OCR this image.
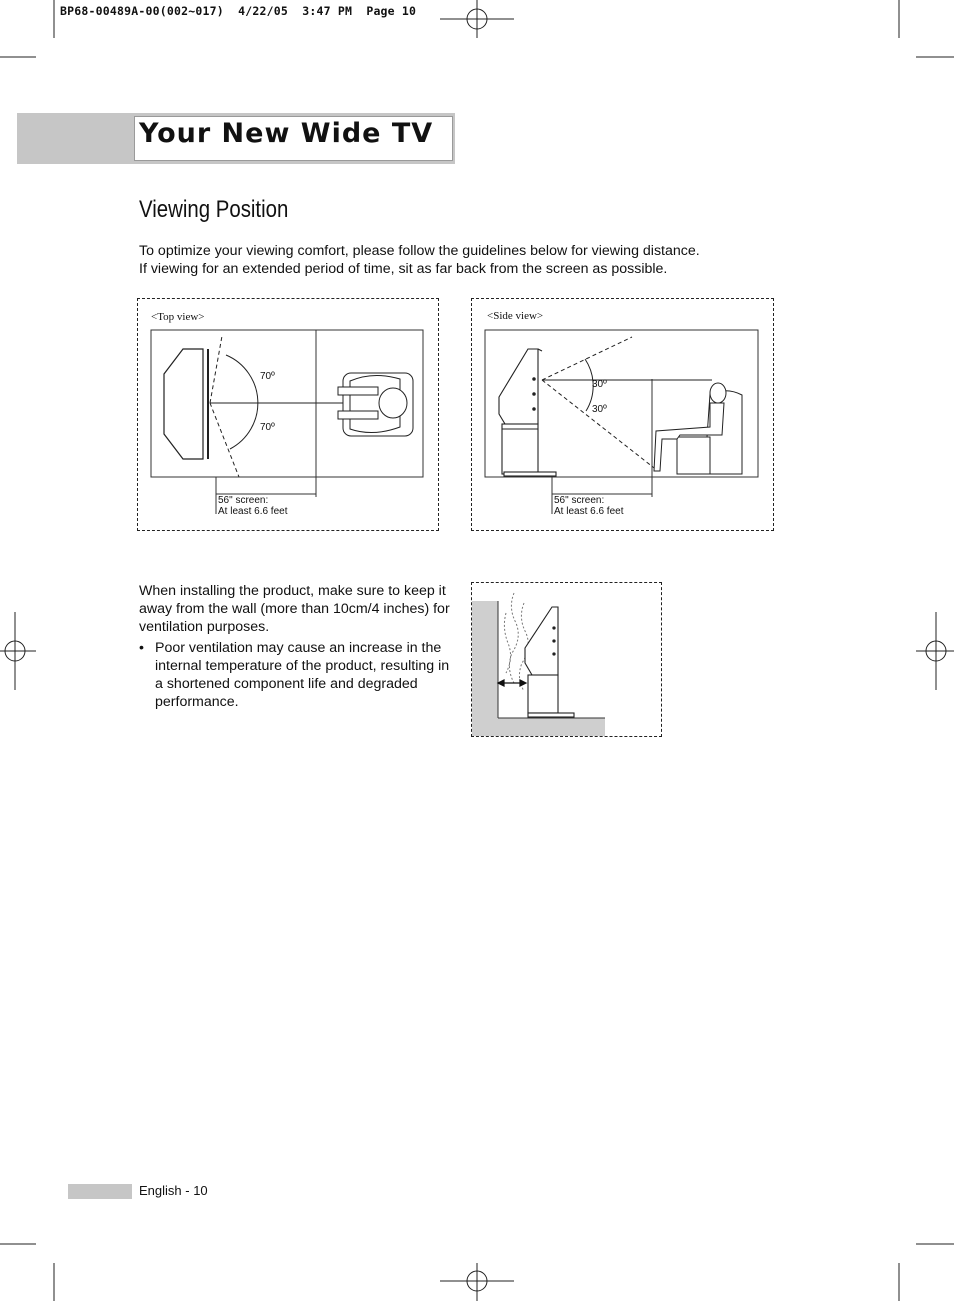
BP68-00489A-00(002~017)  4/22/05  3:47 PM  Page 10
Your New Wide TV
Viewing Position

To optimize your viewing comfort, please follow the guidelines below for viewing distance.

If viewing for an extended period of time, sit as far back from the screen as possible.

<Top view>
70º
70º
56" screen:
At least 6.6 feet
<Side view>
30º
30º
56" screen:
At least 6.6 feet

When installing the product, make sure to keep it away from the wall (more than 10cm/4 inches) for ventilation purposes.

• Poor ventilation may cause an increase in the internal temperature of the product, resulting in a shortened component life and degraded performance.
English - 10
